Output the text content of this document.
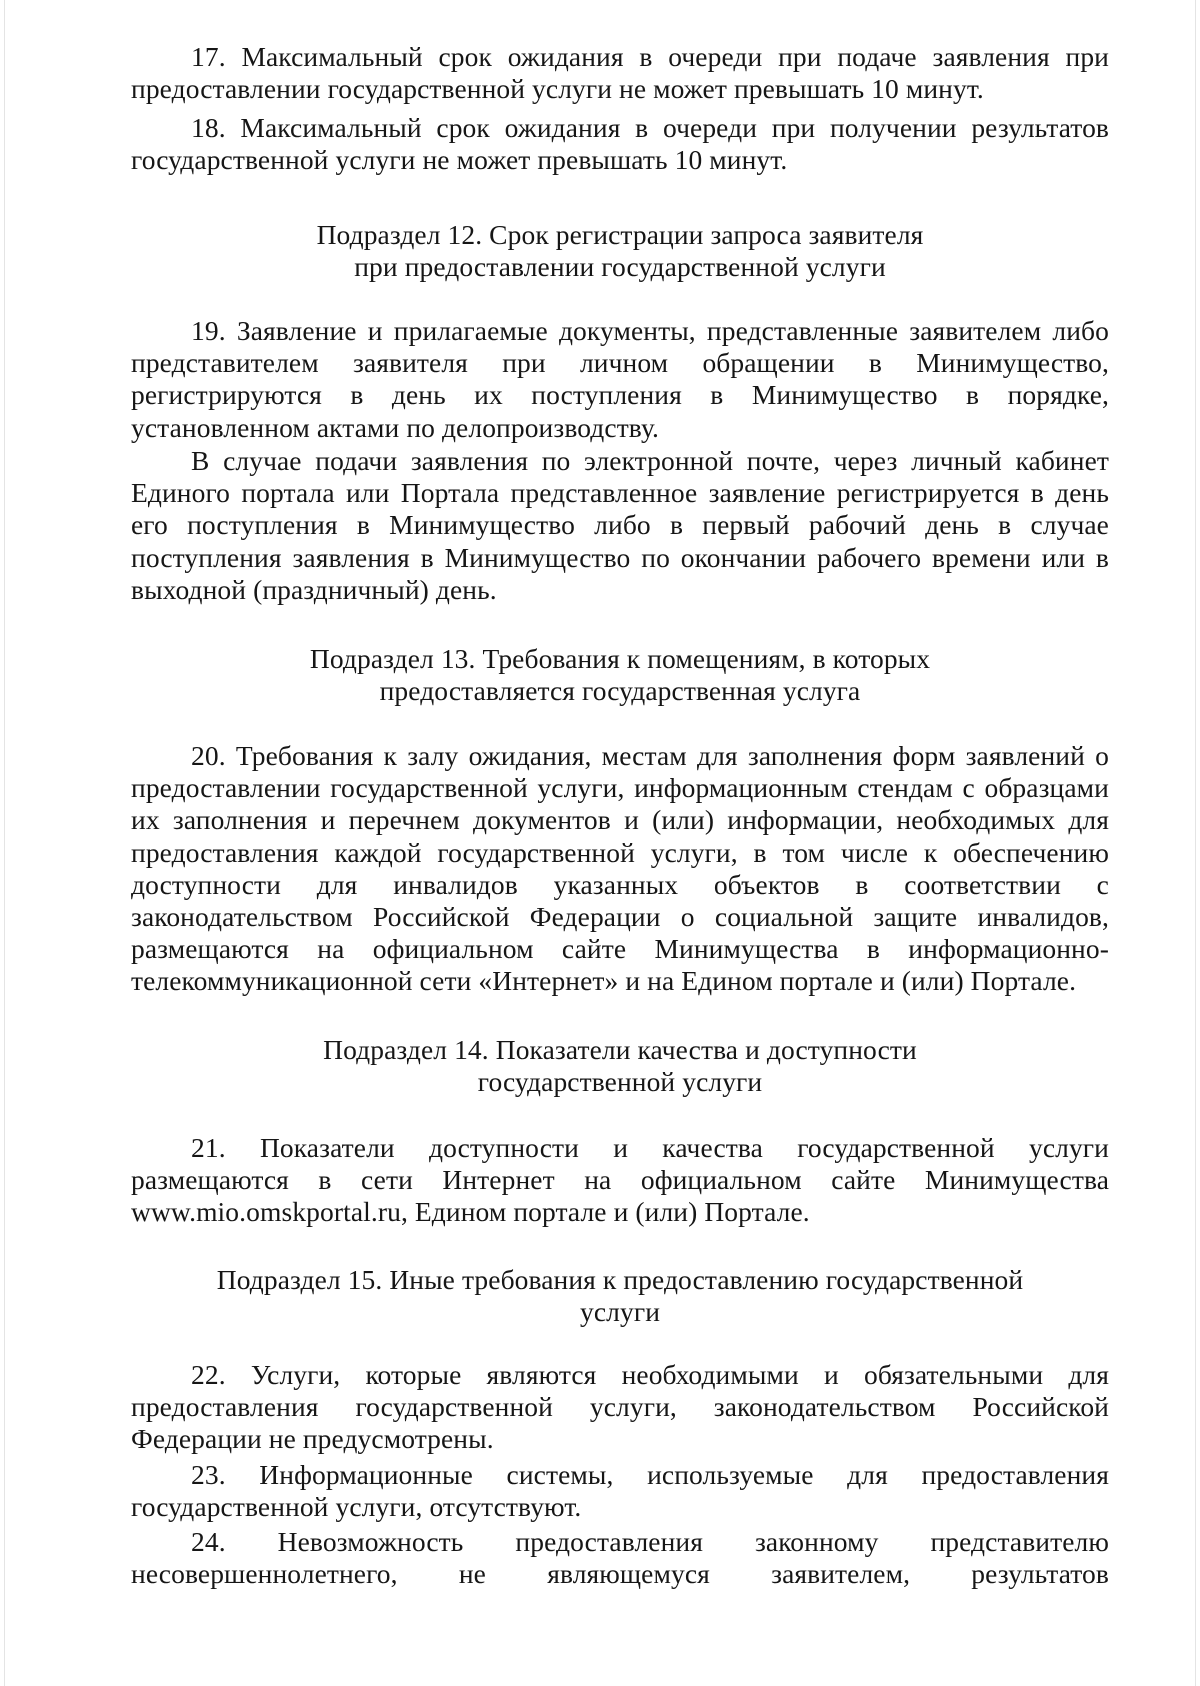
17. Максимальный срок ожидания в очереди при подаче заявления при предоставлении государственной услуги не может превышать 10 минут.

18. Максимальный срок ожидания в очереди при получении результатов государственной услуги не может превышать 10 минут.

Подраздел 12. Срок регистрации запроса заявителя
при предоставлении государственной услуги

19. Заявление и прилагаемые документы, представленные заявителем либо представителем заявителя при личном обращении в Минимущество, регистрируются в день их поступления в Минимущество в порядке, установленном актами по делопроизводству.

В случае подачи заявления по электронной почте, через личный кабинет Единого портала или Портала представленное заявление регистрируется в день его поступления в Минимущество либо в первый рабочий день в случае поступления заявления в Минимущество по окончании рабочего времени или в выходной (праздничный) день.

Подраздел 13. Требования к помещениям, в которых
предоставляется государственная услуга

20. Требования к залу ожидания, местам для заполнения форм заявлений о предоставлении государственной услуги, информационным стендам с образцами их заполнения и перечнем документов и (или) информации, необходимых для предоставления каждой государственной услуги, в том числе к обеспечению доступности для инвалидов указанных объектов в соответствии с законодательством Российской Федерации о социальной защите инвалидов, размещаются на официальном сайте Минимущества в информационно-телекоммуникационной сети «Интернет» и на Едином портале и (или) Портале.

Подраздел 14. Показатели качества и доступности
государственной услуги

21. Показатели доступности и качества государственной услуги размещаются в сети Интернет на официальном сайте Минимущества www.mio.omskportal.ru, Едином портале и (или) Портале.

Подраздел 15. Иные требования к предоставлению государственной
услуги

22. Услуги, которые являются необходимыми и обязательными для предоставления государственной услуги, законодательством Российской Федерации не предусмотрены.

23. Информационные системы, используемые для предоставления государственной услуги, отсутствуют.

24. Невозможность предоставления законному представителю несовершеннолетнего, не являющемуся заявителем, результатов
